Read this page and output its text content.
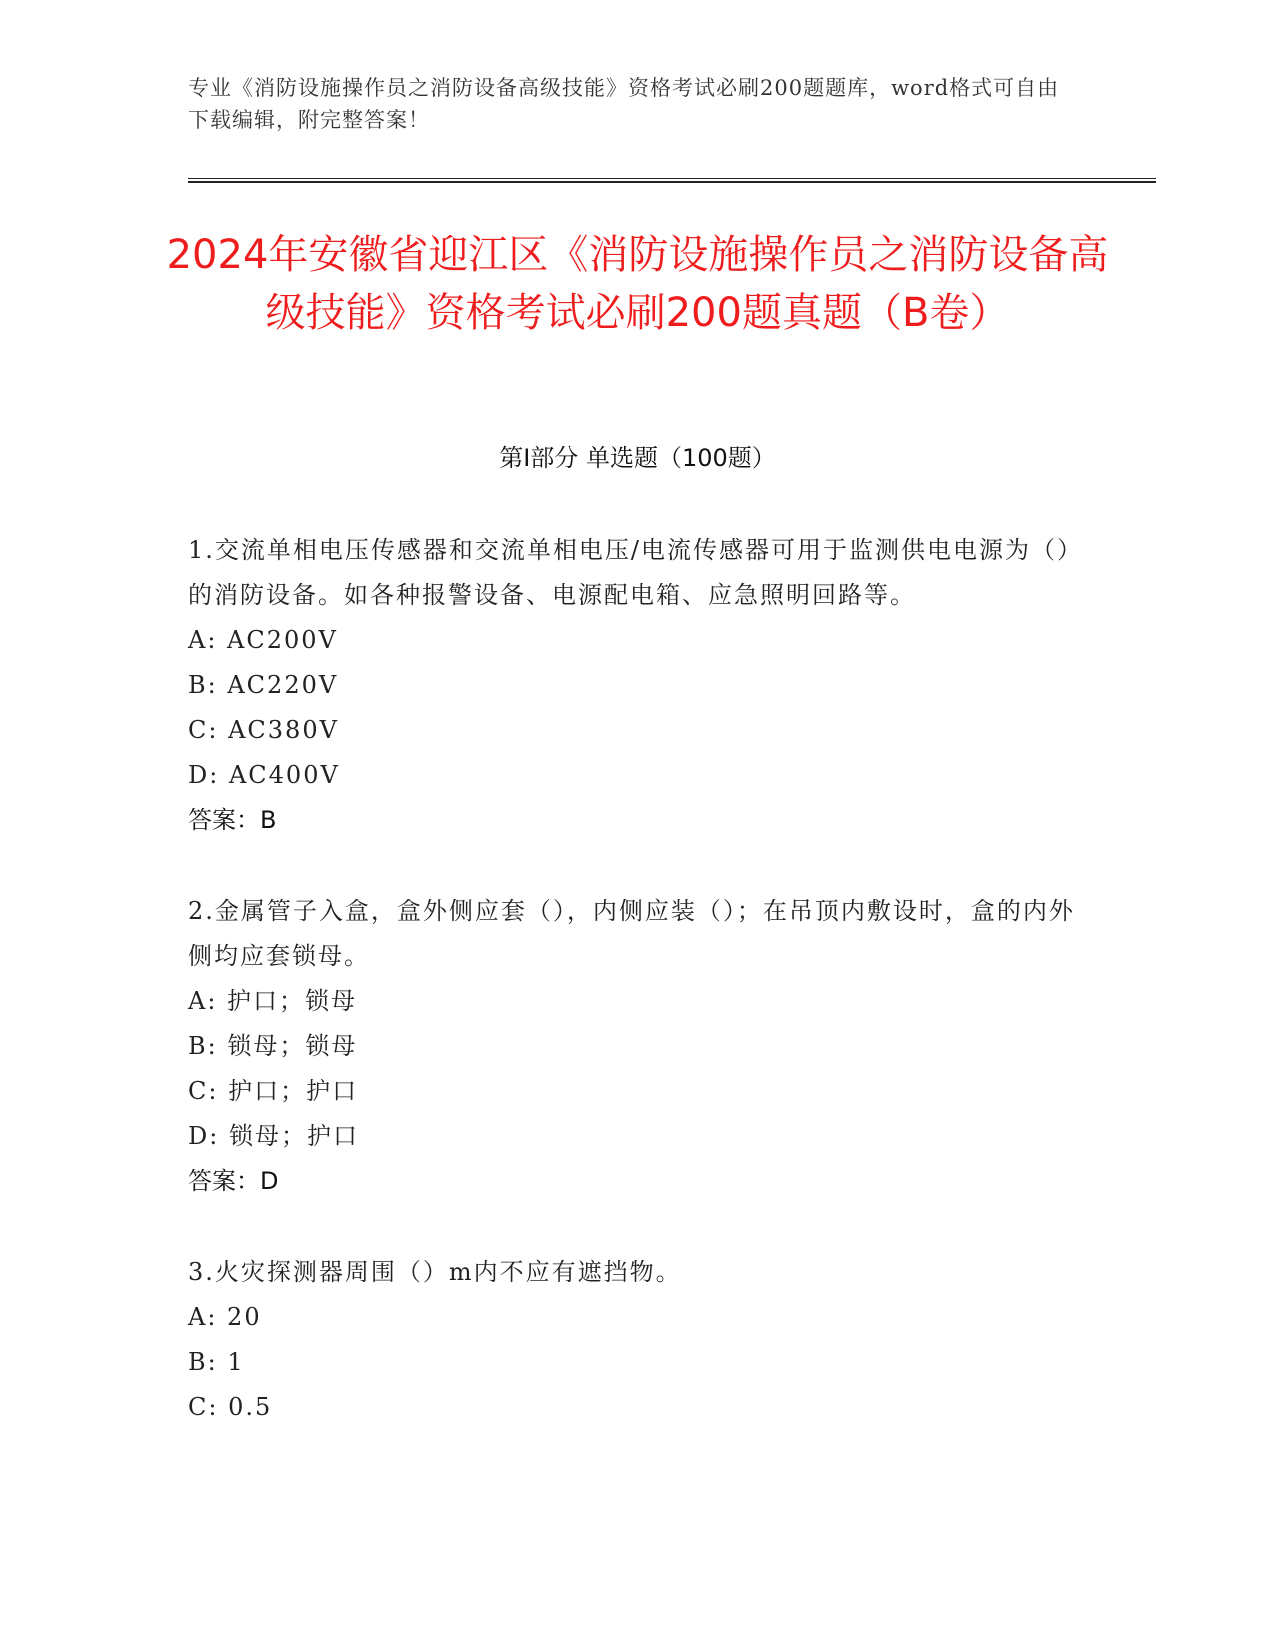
专业《消防设施操作员之消防设备高级技能》资格考试必刷200题题库，word格式可自由下载编辑，附完整答案！
2024年安徽省迎江区《消防设施操作员之消防设备高级技能》资格考试必刷200题真题（B卷）
第Ⅰ部分 单选题（100题）
1.交流单相电压传感器和交流单相电压/电流传感器可用于监测供电电源为（）的消防设备。如各种报警设备、电源配电箱、应急照明回路等。
A: AC200V
B: AC220V
C: AC380V
D: AC400V
答案：B
2.金属管子入盒，盒外侧应套（），内侧应装（）；在吊顶内敷设时，盒的内外侧均应套锁母。
A: 护口；锁母
B: 锁母；锁母
C: 护口；护口
D: 锁母；护口
答案：D
3.火灾探测器周围（）m内不应有遮挡物。
A: 20
B: 1
C: 0.5
